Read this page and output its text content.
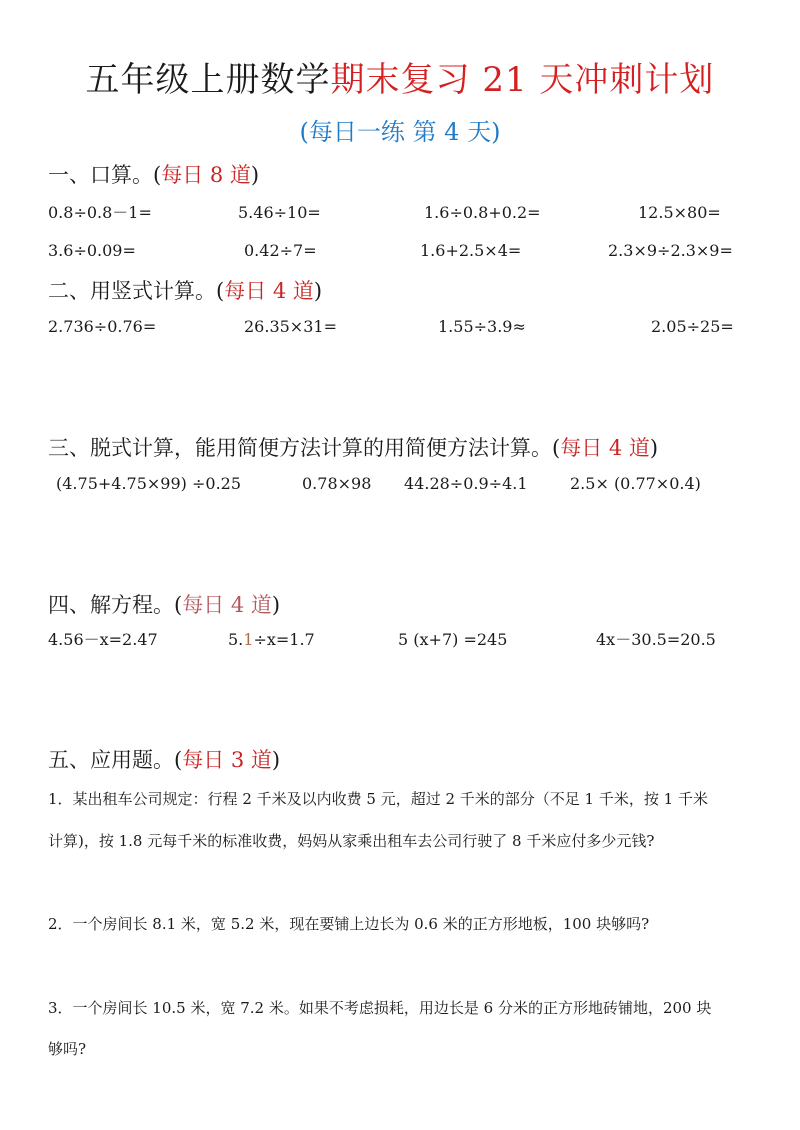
五年级上册数学期末复习 21 天冲刺计划
(每日一练 第 4 天)
一、口算。(每日 8 道)
0.8÷0.8－1=	5.46÷10=	1.6÷0.8+0.2=	12.5×80=
3.6÷0.09=	0.42÷7=	1.6+2.5×4=	2.3×9÷2.3×9=
二、用竖式计算。(每日 4 道)
2.736÷0.76=	26.35×31=	1.55÷3.9≈	2.05÷25=
三、脱式计算，能用简便方法计算的用简便方法计算。(每日 4 道)
(4.75+4.75×99) ÷0.25	0.78×98 44.28÷0.9÷4.1	2.5× (0.77×0.4)
四、解方程。(每日 4 道)
4.56－x=2.47	5.1÷x=1.7	5 (x+7) =245	4x－30.5=20.5
五、应用题。(每日 3 道)
1．某出租车公司规定：行程 2 千米及以内收费 5 元，超过 2 千米的部分（不足 1 千米，按 1 千米
计算)，按 1.8 元每千米的标准收费，妈妈从家乘出租车去公司行驶了 8 千米应付多少元钱?
2．一个房间长 8.1 米，宽 5.2 米，现在要铺上边长为 0.6 米的正方形地板，100 块够吗?
3．一个房间长 10.5 米，宽 7.2 米。如果不考虑损耗，用边长是 6 分米的正方形地砖铺地，200 块
够吗?
